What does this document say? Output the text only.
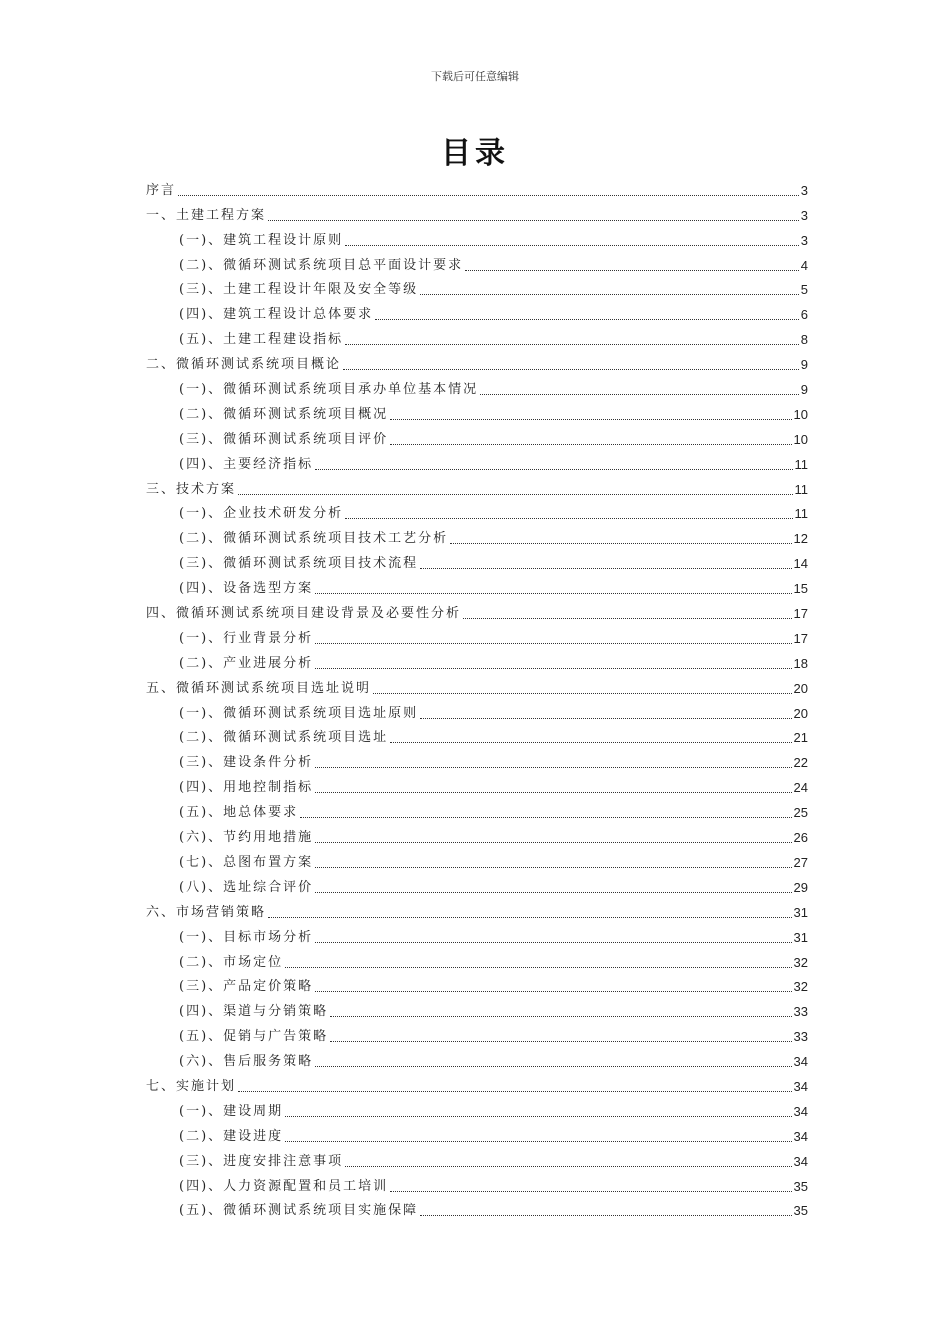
下载后可任意编辑
目录
序言	3
一、土建工程方案	3
(一)、建筑工程设计原则	3
(二)、微循环测试系统项目总平面设计要求	4
(三)、土建工程设计年限及安全等级	5
(四)、建筑工程设计总体要求	6
(五)、土建工程建设指标	8
二、微循环测试系统项目概论	9
(一)、微循环测试系统项目承办单位基本情况	9
(二)、微循环测试系统项目概况	10
(三)、微循环测试系统项目评价	10
(四)、主要经济指标	11
三、技术方案	11
(一)、企业技术研发分析	11
(二)、微循环测试系统项目技术工艺分析	12
(三)、微循环测试系统项目技术流程	14
(四)、设备选型方案	15
四、微循环测试系统项目建设背景及必要性分析	17
(一)、行业背景分析	17
(二)、产业进展分析	18
五、微循环测试系统项目选址说明	20
(一)、微循环测试系统项目选址原则	20
(二)、微循环测试系统项目选址	21
(三)、建设条件分析	22
(四)、用地控制指标	24
(五)、地总体要求	25
(六)、节约用地措施	26
(七)、总图布置方案	27
(八)、选址综合评价	29
六、市场营销策略	31
(一)、目标市场分析	31
(二)、市场定位	32
(三)、产品定价策略	32
(四)、渠道与分销策略	33
(五)、促销与广告策略	33
(六)、售后服务策略	34
七、实施计划	34
(一)、建设周期	34
(二)、建设进度	34
(三)、进度安排注意事项	34
(四)、人力资源配置和员工培训	35
(五)、微循环测试系统项目实施保障	35
